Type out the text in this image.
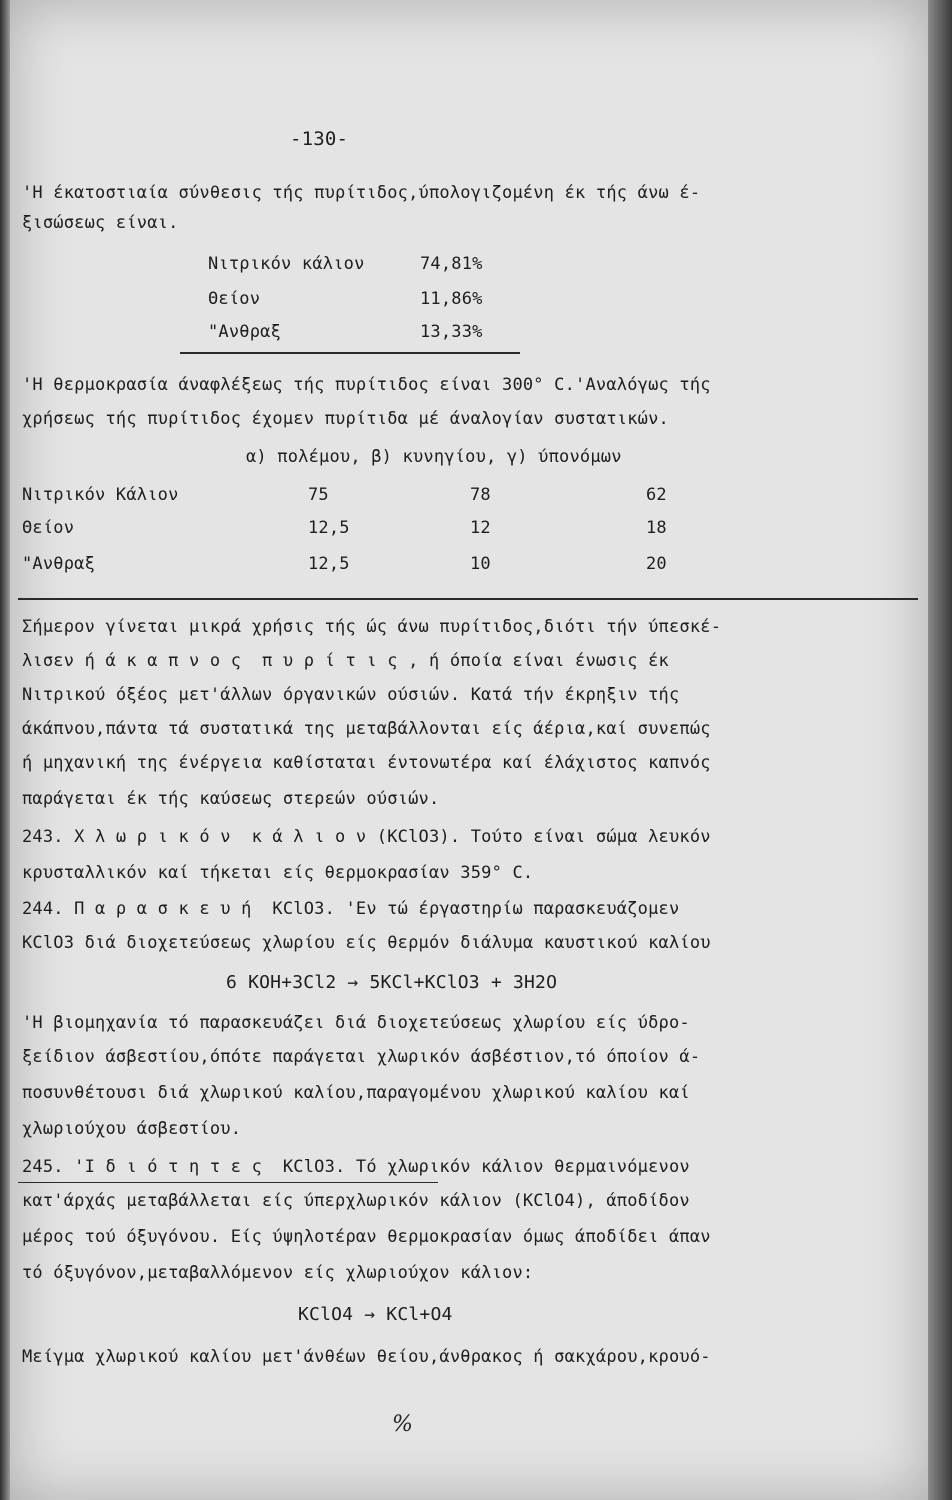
-130-
'Η έκατοστιαία σύνθεσις τής πυρίτιδος,ύπολογιζομένη έκ τής άνω έ-
ξισώσεως είναι.
Νιτρικόν κάλιον	74,81%
Θείον	11,86%
"Ανθραξ	13,33%
'Η θερμοκρασία άναφλέξεως τής πυρίτιδος είναι 300° C.'Αναλόγως τής
χρήσεως τής πυρίτιδος έχομεν πυρίτιδα μέ άναλογίαν συστατικών.
α) πολέμου, β) κυνηγίου, γ) ύπονόμων
Νιτρικόν Κάλιον	75	78	62
Θείον	12,5	12	18
"Ανθραξ	12,5	10	20
Σήμερον γίνεται μικρά χρήσις τής ώς άνω πυρίτιδος,διότι τήν ύπεσκέ-
λισεν ή ά κ α π ν ο ς  π υ ρ ί τ ι ς , ή όποία είναι ένωσις έκ
Νιτρικού όξέος μετ'άλλων όργανικών ούσιών. Κατά τήν έκρηξιν τής
άκάπνου,πάντα τά συστατικά της μεταβάλλονται είς άέρια,καί συνεπώς
ή μηχανική της ένέργεια καθίσταται έντονωτέρα καί έλάχιστος καπνός
παράγεται έκ τής καύσεως στερεών ούσιών.
243. Χ λ ω ρ ι κ ό ν  κ ά λ ι ο ν (KClO3). Τούτο είναι σώμα λευκόν
κρυσταλλικόν καί τήκεται είς θερμοκρασίαν 359° C.
244. Π α ρ α σ κ ε υ ή  KClO3. 'Εν τώ έργαστηρίω παρασκευάζομεν
KClO3 διά διοχετεύσεως χλωρίου είς θερμόν διάλυμα καυστικού καλίου
6 KOH+3Cl2 → 5KCl+KClO3 + 3H2O
'Η βιομηχανία τό παρασκευάζει διά διοχετεύσεως χλωρίου είς ύδρο-
ξείδιον άσβεστίου,όπότε παράγεται χλωρικόν άσβέστιον,τό όποίον ά-
ποσυνθέτουσι διά χλωρικού καλίου,παραγομένου χλωρικού καλίου καί
χλωριούχου άσβεστίου.
245. 'Ι δ ι ό τ η τ ε ς  KClO3. Τό χλωρικόν κάλιον θερμαινόμενον
κατ'άρχάς μεταβάλλεται είς ύπερχλωρικόν κάλιον (KClO4), άποδίδον
μέρος τού όξυγόνου. Είς ύψηλοτέραν θερμοκρασίαν όμως άποδίδει άπαν
τό όξυγόνον,μεταβαλλόμενον είς χλωριούχον κάλιον:
KClO4 → KCl+O4
Μείγμα χλωρικού καλίου μετ'άνθέων θείου,άνθρακος ή σακχάρου,κρουό-
%
